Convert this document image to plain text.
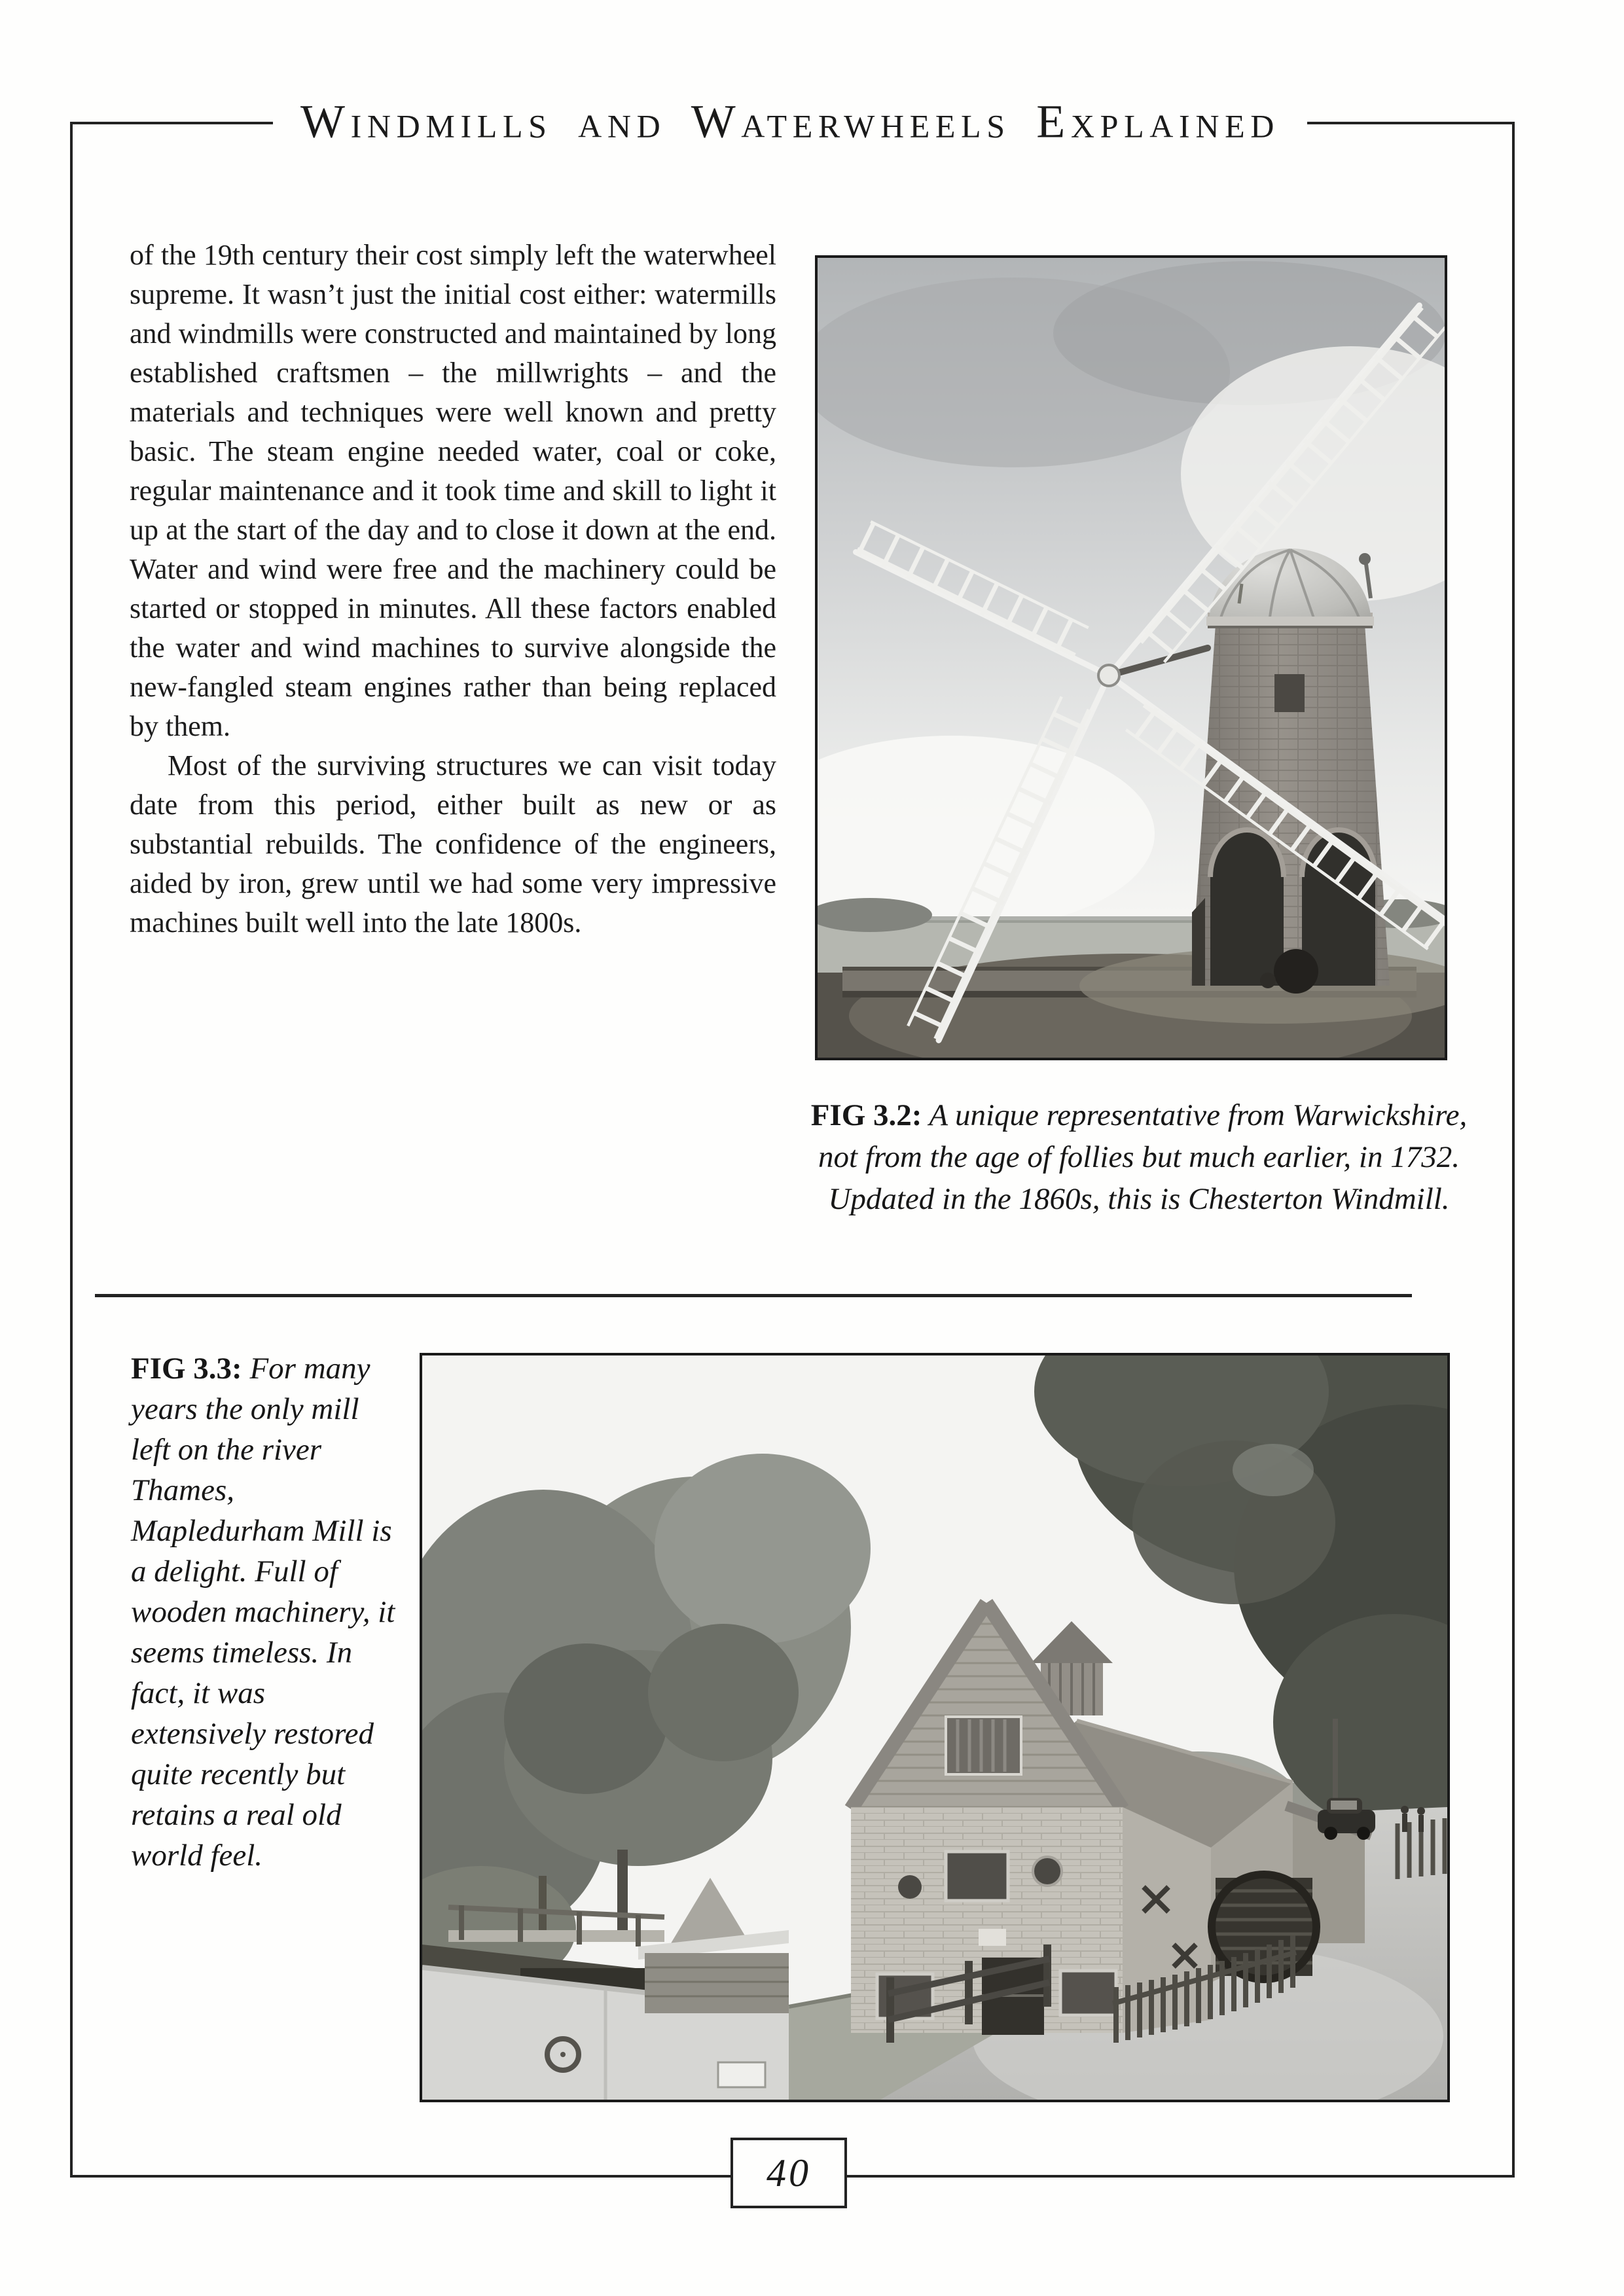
Windmills and Waterwheels Explained

of the 19th century their cost simply left the waterwheel supreme. It wasn’t just the initial cost either: watermills and windmills were constructed and maintained by long established craftsmen – the millwrights – and the materials and techniques were well known and pretty basic. The steam engine needed water, coal or coke, regular maintenance and it took time and skill to light it up at the start of the day and to close it down at the end. Water and wind were free and the machinery could be started or stopped in minutes. All these factors enabled the water and wind machines to survive alongside the new-fangled steam engines rather than being replaced by them.

Most of the surviving structures we can visit today date from this period, either built as new or as substantial rebuilds. The confidence of the engineers, aided by iron, grew until we had some very impressive machines built well into the late 1800s.

FIG 3.2: A unique representative from Warwickshire, not from the age of follies but much earlier, in 1732. Updated in the 1860s, this is Chesterton Windmill.
FIG 3.3: For many years the only mill left on the river Thames, Mapledurham Mill is a delight. Full of wooden machinery, it seems timeless. In fact, it was extensively restored quite recently but retains a real old world feel.
40
